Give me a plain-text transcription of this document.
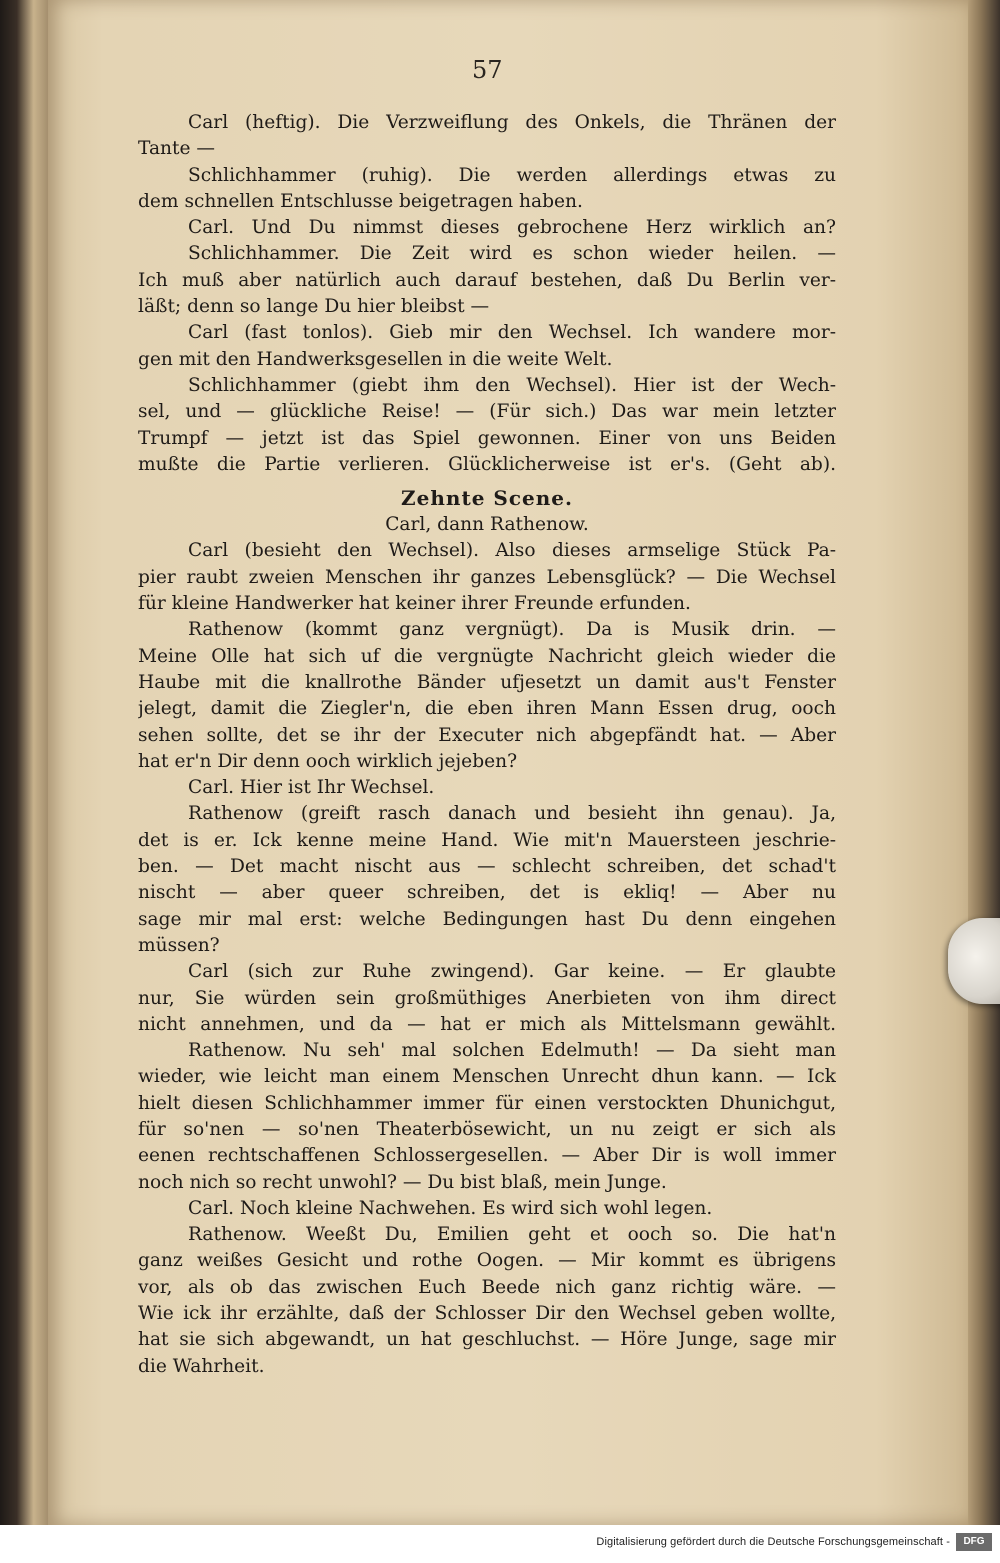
57
Carl (heftig). Die Verzweiflung des Onkels, die Thränen der
Tante —
Schlichhammer (ruhig). Die werden allerdings etwas zu
dem schnellen Entschlusse beigetragen haben.
Carl. Und Du nimmst dieses gebrochene Herz wirklich an?
Schlichhammer. Die Zeit wird es schon wieder heilen. —
Ich muß aber natürlich auch darauf bestehen, daß Du Berlin ver-
läßt; denn so lange Du hier bleibst —
Carl (fast tonlos). Gieb mir den Wechsel. Ich wandere mor-
gen mit den Handwerksgesellen in die weite Welt.
Schlichhammer (giebt ihm den Wechsel). Hier ist der Wech-
sel, und — glückliche Reise! — (Für sich.) Das war mein letzter
Trumpf — jetzt ist das Spiel gewonnen. Einer von uns Beiden
mußte die Partie verlieren. Glücklicherweise ist er's. (Geht ab).
Zehnte Scene.
Carl, dann Rathenow.
Carl (besieht den Wechsel). Also dieses armselige Stück Pa-
pier raubt zweien Menschen ihr ganzes Lebensglück? — Die Wechsel
für kleine Handwerker hat keiner ihrer Freunde erfunden.
Rathenow (kommt ganz vergnügt). Da is Musik drin. —
Meine Olle hat sich uf die vergnügte Nachricht gleich wieder die
Haube mit die knallrothe Bänder ufjesetzt un damit aus't Fenster
jelegt, damit die Ziegler'n, die eben ihren Mann Essen drug, ooch
sehen sollte, det se ihr der Executer nich abgepfändt hat. — Aber
hat er'n Dir denn ooch wirklich jejeben?
Carl. Hier ist Ihr Wechsel.
Rathenow (greift rasch danach und besieht ihn genau). Ja,
det is er. Ick kenne meine Hand. Wie mit'n Mauersteen jeschrie-
ben. — Det macht nischt aus — schlecht schreiben, det schad't
nischt — aber queer schreiben, det is ekliq! — Aber nu
sage mir mal erst: welche Bedingungen hast Du denn eingehen
müssen?
Carl (sich zur Ruhe zwingend). Gar keine. — Er glaubte
nur, Sie würden sein großmüthiges Anerbieten von ihm direct
nicht annehmen, und da — hat er mich als Mittelsmann gewählt.
Rathenow. Nu seh' mal solchen Edelmuth! — Da sieht man
wieder, wie leicht man einem Menschen Unrecht dhun kann. — Ick
hielt diesen Schlichhammer immer für einen verstockten Dhunichgut,
für so'nen — so'nen Theaterbösewicht, un nu zeigt er sich als
eenen rechtschaffenen Schlossergesellen. — Aber Dir is woll immer
noch nich so recht unwohl? — Du bist blaß, mein Junge.
Carl. Noch kleine Nachwehen. Es wird sich wohl legen.
Rathenow. Weeßt Du, Emilien geht et ooch so. Die hat'n
ganz weißes Gesicht und rothe Oogen. — Mir kommt es übrigens
vor, als ob das zwischen Euch Beede nich ganz richtig wäre. —
Wie ick ihr erzählte, daß der Schlosser Dir den Wechsel geben wollte,
hat sie sich abgewandt, un hat geschluchst. — Höre Junge, sage mir
die Wahrheit.
Digitalisierung gefördert durch die Deutsche Forschungsgemeinschaft -	DFG
